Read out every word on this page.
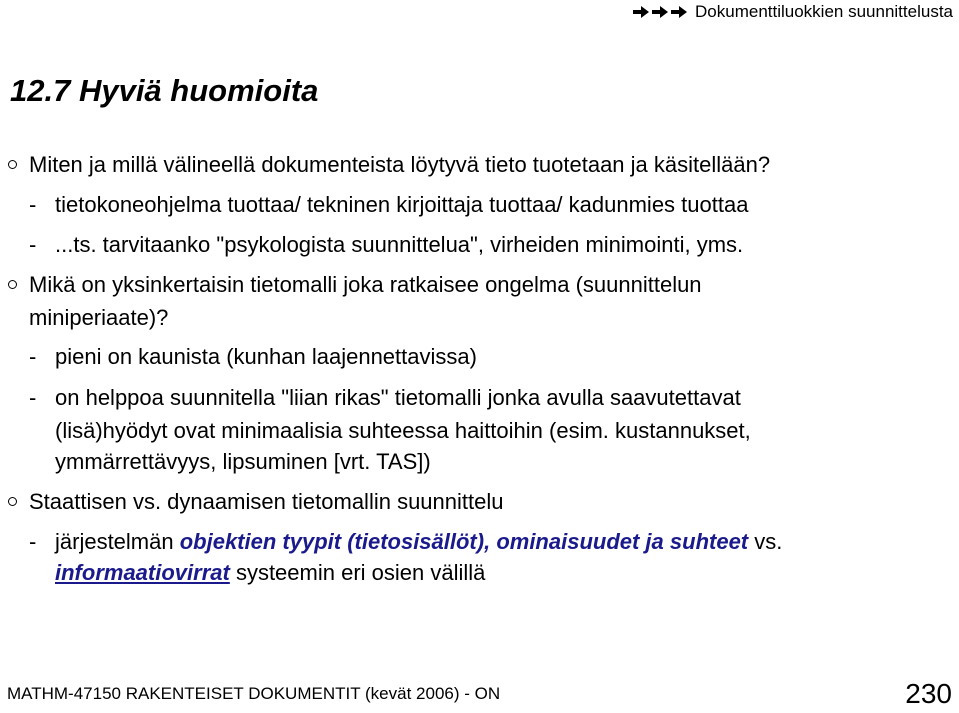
Dokumenttiluokkien suunnittelusta
12.7 Hyviä huomioita
Miten ja millä välineellä dokumenteista löytyvä tieto tuotetaan ja käsitellään?
- tietokoneohjelma tuottaa/ tekninen kirjoittaja tuottaa/ kadunmies tuottaa
- ...ts. tarvitaanko "psykologista suunnittelua", virheiden minimointi, yms.
Mikä on yksinkertaisin tietomalli joka ratkaisee ongelma (suunnittelun
miniperiaate)?
- pieni on kaunista (kunhan laajennettavissa)
- on helppoa suunnitella "liian rikas" tietomalli jonka avulla saavutettavat
(lisä)hyödyt ovat minimaalisia suhteessa haittoihin (esim. kustannukset,
ymmärrettävyys, lipsuminen [vrt. TAS])
Staattisen vs. dynaamisen tietomallin suunnittelu
- järjestelmän objektien tyypit (tietosisällöt), ominaisuudet ja suhteet vs.
informaatiovirrat systeemin eri osien välillä
MATHM-47150 RAKENTEISET DOKUMENTIT (kevät 2006) - ON	230
